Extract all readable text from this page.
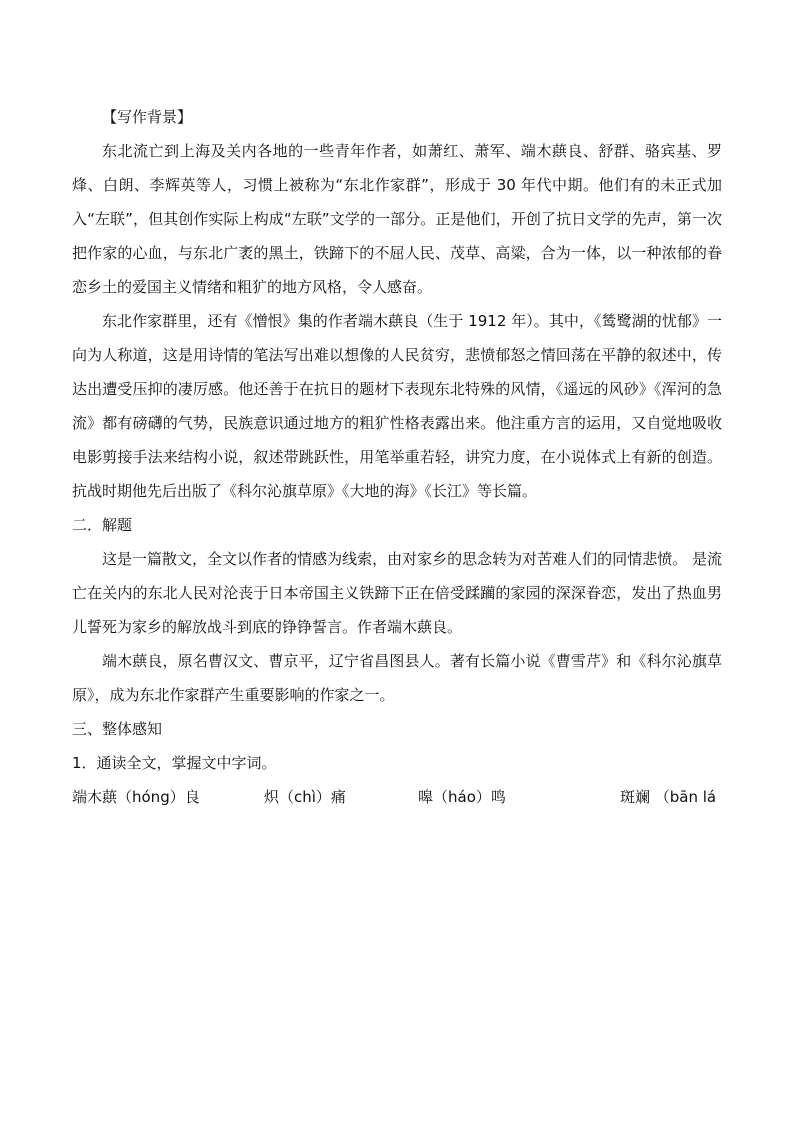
【写作背景】

东北流亡到上海及关内各地的一些青年作者，如萧红、萧军、端木蕻良、舒群、骆宾基、罗烽、白朗、李辉英等人，习惯上被称为“东北作家群”，形成于 30 年代中期。他们有的未正式加入“左联”，但其创作实际上构成“左联”文学的一部分。正是他们，开创了抗日文学的先声，第一次把作家的心血，与东北广袤的黑土，铁蹄下的不屈人民、茂草、高粱，合为一体，以一种浓郁的眷恋乡土的爱国主义情绪和粗犷的地方风格，令人感奋。

东北作家群里，还有《憎恨》集的作者端木蕻良（生于 1912 年）。其中，《鸶鹭湖的忧郁》一向为人称道，这是用诗情的笔法写出难以想像的人民贫穷，悲愤郁怒之情回荡在平静的叙述中，传达出遭受压抑的凄厉感。他还善于在抗日的题材下表现东北特殊的风情，《遥远的风砂》《浑河的急流》都有磅礴的气势，民族意识通过地方的粗犷性格表露出来。他注重方言的运用，又自觉地吸收电影剪接手法来结构小说，叙述带跳跃性，用笔举重若轻，讲究力度，在小说体式上有新的创造。抗战时期他先后出版了《科尔沁旗草原》《大地的海》《长江》等长篇。

二．解题

这是一篇散文，全文以作者的情感为线索，由对家乡的思念转为对苦难人们的同情悲愤。 是流亡在关内的东北人民对沦丧于日本帝国主义铁蹄下正在倍受蹂躏的家园的深深眷恋，发出了热血男儿誓死为家乡的解放战斗到底的铮铮誓言。作者端木蕻良。

端木蕻良，原名曹汉文、曹京平，辽宁省昌图县人。著有长篇小说《曹雪芹》和《科尔沁旗草原》，成为东北作家群产生重要影响的作家之一。

三、整体感知

1．通读全文，掌握文中字词。

端木蕻（hóng）良	炽（chì）痛	嗥（háo）鸣	斑斓 （bān lá
